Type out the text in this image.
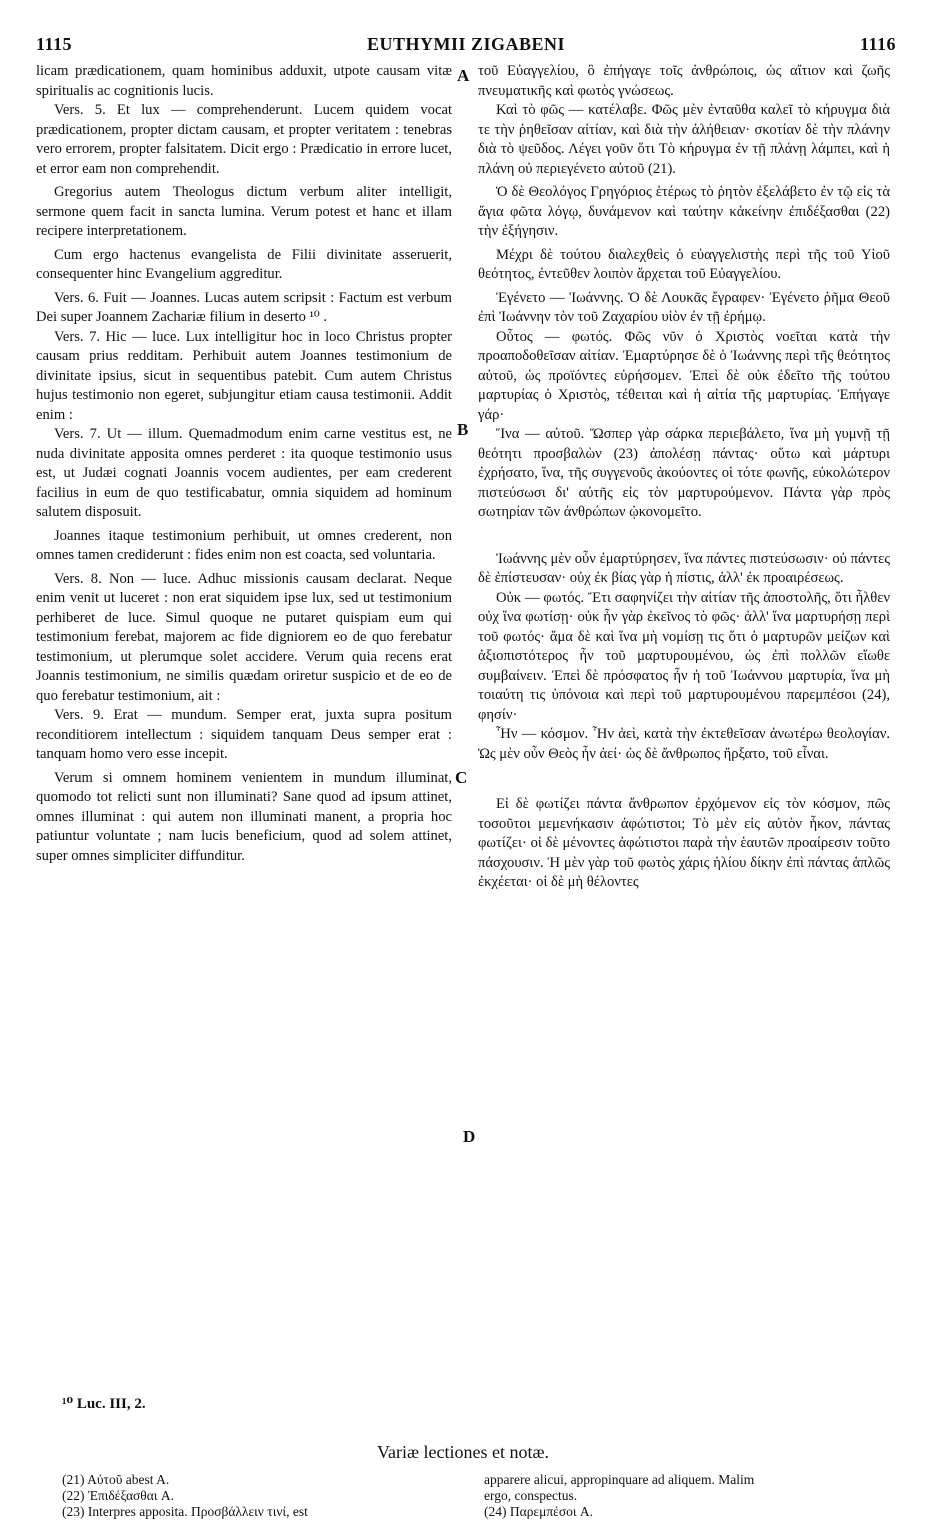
1115	EUTHYMII ZIGABENI	1116

licam prædicationem, quam hominibus adduxit, utpote causam vitæ spiritualis ac cognitionis lucis.

Vers. 5. Et lux — comprehenderunt. Lucem quidem vocat prædicationem, propter dictam causam, et propter veritatem : tenebras vero errorem, propter falsitatem. Dicit ergo : Prædicatio in errore lucet, et error eam non comprehendit.

Gregorius autem Theologus dictum verbum aliter intelligit, sermone quem facit in sancta lumina. Verum potest et hanc et illam recipere interpretationem.

Cum ergo hactenus evangelista de Filii divinitate asseruerit, consequenter hinc Evangelium aggreditur.

Vers. 6. Fuit — Joannes. Lucas autem scripsit : Factum est verbum Dei super Joannem Zachariæ filium in deserto ¹⁰ .

Vers. 7. Hic — luce. Lux intelligitur hoc in loco Christus propter causam prius redditam. Perhibuit autem Joannes testimonium de divinitate ipsius, sicut in sequentibus patebit. Cum autem Christus hujus testimonio non egeret, subjungitur etiam causa testimonii. Addit enim :

Vers. 7. Ut — illum. Quemadmodum enim carne vestitus est, ne nuda divinitate apposita omnes perderet : ita quoque testimonio usus est, ut Judæi cognati Joannis vocem audientes, per eam crederent facilius in eum de quo testificabatur, omnia siquidem ad hominum salutem disposuit.

Joannes itaque testimonium perhibuit, ut omnes crederent, non omnes tamen crediderunt : fides enim non est coacta, sed voluntaria.

Vers. 8. Non — luce. Adhuc missionis causam declarat. Neque enim venit ut luceret : non erat siquidem ipse lux, sed ut testimonium perhiberet de luce. Simul quoque ne putaret quispiam eum qui testimonium ferebat, majorem ac fide digniorem eo de quo ferebatur testimonium, ut plerumque solet accidere. Verum quia recens erat Joannis testimonium, ne similis quædam oriretur suspicio et de eo de quo ferebatur testimonium, ait :

Vers. 9. Erat — mundum. Semper erat, juxta supra positum reconditiorem intellectum : siquidem tanquam Deus semper erat : tanquam homo vero esse incepit.

Verum si omnem hominem venientem in mundum illuminat, quomodo tot relicti sunt non illuminati? Sane quod ad ipsum attinet, omnes illuminat : qui autem non illuminati manent, a propria hoc patiuntur voluntate ; nam lucis beneficium, quod ad solem attinet, super omnes simpliciter diffunditur.

τοῦ Εὐαγγελίου, ὃ ἐπήγαγε τοῖς ἀνθρώποις, ὡς αἴτιον καὶ ζωῆς πνευματικῆς καὶ φωτὸς γνώσεως.

Καὶ τὸ φῶς — κατέλαβε. Φῶς μὲν ἐνταῦθα καλεῖ τὸ κήρυγμα διὰ τε τὴν ῥηθεῖσαν αἰτίαν, καὶ διὰ τὴν ἀλήθειαν· σκοτίαν δὲ τὴν πλάνην διὰ τὸ ψεῦδος. Λέγει γοῦν ὅτι Τὸ κήρυγμα ἐν τῇ πλάνῃ λάμπει, καὶ ἡ πλάνη οὐ περιεγένετο αὐτοῦ (21).

Ὁ δὲ Θεολόγος Γρηγόριος ἑτέρως τὸ ῥητὸν ἐξελάβετο ἐν τῷ εἰς τὰ ἅγια φῶτα λόγῳ, δυνάμενον καὶ ταύτην κἀκείνην ἐπιδέξασθαι (22) τὴν ἐξήγησιν.

Μέχρι δὲ τούτου διαλεχθεὶς ὁ εὐαγγελιστὴς περὶ τῆς τοῦ Υἱοῦ θεότητος, ἐντεῦθεν λοιπὸν ἄρχεται τοῦ Εὐαγγελίου.

Ἐγένετο — Ἰωάννης. Ὁ δὲ Λουκᾶς ἔγραφεν· Ἐγένετο ῥῆμα Θεοῦ ἐπὶ Ἰωάννην τὸν τοῦ Ζαχαρίου υἱὸν ἐν τῇ ἐρήμῳ.

Οὗτος — φωτός. Φῶς νῦν ὁ Χριστὸς νοεῖται κατὰ τὴν προαποδοθεῖσαν αἰτίαν. Ἐμαρτύρησε δὲ ὁ Ἰωάννης περὶ τῆς θεότητος αὐτοῦ, ὡς προϊόντες εὑρήσομεν. Ἐπεὶ δὲ οὐκ ἐδεῖτο τῆς τούτου μαρτυρίας ὁ Χριστὸς, τέθειται καὶ ἡ αἰτία τῆς μαρτυρίας. Ἐπήγαγε γάρ·

Ἵνα — αὐτοῦ. Ὥσπερ γὰρ σάρκα περιεβάλετο, ἵνα μὴ γυμνῇ τῇ θεότητι προσβαλὼν (23) ἀπολέσῃ πάντας· οὕτω καὶ μάρτυρι ἐχρήσατο, ἵνα, τῆς συγγενοῦς ἀκούοντες οἱ τότε φωνῆς, εὐκολώτερον πιστεύσωσι δι' αὐτῆς εἰς τὸν μαρτυρούμενον. Πάντα γὰρ πρὸς σωτηρίαν τῶν ἀνθρώπων ᾠκονομεῖτο.

Ἰωάννης μὲν οὖν ἐμαρτύρησεν, ἵνα πάντες πιστεύσωσιν· οὐ πάντες δὲ ἐπίστευσαν· οὐχ ἐκ βίας γὰρ ἡ πίστις, ἀλλ' ἐκ προαιρέσεως.

Οὐκ — φωτός. Ἔτι σαφηνίζει τὴν αἰτίαν τῆς ἀποστολῆς, ὅτι ἦλθεν οὐχ ἵνα φωτίσῃ· οὐκ ἦν γὰρ ἐκεῖνος τὸ φῶς· ἀλλ' ἵνα μαρτυρήσῃ περὶ τοῦ φωτός· ἅμα δὲ καὶ ἵνα μὴ νομίσῃ τις ὅτι ὁ μαρτυρῶν μείζων καὶ ἀξιοπιστότερος ἦν τοῦ μαρτυρουμένου, ὡς ἐπὶ πολλῶν εἴωθε συμβαίνειν. Ἐπεὶ δὲ πρόσφατος ἦν ἡ τοῦ Ἰωάννου μαρτυρία, ἵνα μὴ τοιαύτη τις ὑπόνοια καὶ περὶ τοῦ μαρτυρουμένου παρεμπέσοι (24), φησίν·

Ἦν — κόσμον. Ἦν ἀεὶ, κατὰ τὴν ἐκτεθεῖσαν ἀνωτέρω θεολογίαν. Ὡς μὲν οὖν Θεὸς ἦν ἀεί· ὡς δὲ ἄνθρωπος ἤρξατο, τοῦ εἶναι.

Εἰ δὲ φωτίζει πάντα ἄνθρωπον ἐρχόμενον εἰς τὸν κόσμον, πῶς τοσοῦτοι μεμενήκασιν ἀφώτιστοι; Τὸ μὲν εἰς αὐτὸν ἧκον, πάντας φωτίζει· οἱ δὲ μένοντες ἀφώτιστοι παρὰ τὴν ἑαυτῶν προαίρεσιν τοῦτο πάσχουσιν. Ἡ μὲν γὰρ τοῦ φωτὸς χάρις ἡλίου δίκην ἐπὶ πάντας ἁπλῶς ἐκχέεται· οἱ δὲ μὴ θέλοντες

A
B
C
D
¹⁰ Luc. III, 2.
Variæ lectiones et notæ.
(21) Αὐτοῦ abest A.
(22) Ἐπιδέξασθαι A.
(23) Interpres apposita. Προσβάλλειν τινί, est
apparere alicui, appropinquare ad aliquem. Malim
ergo, conspectus.
(24) Παρεμπέσοι A.
